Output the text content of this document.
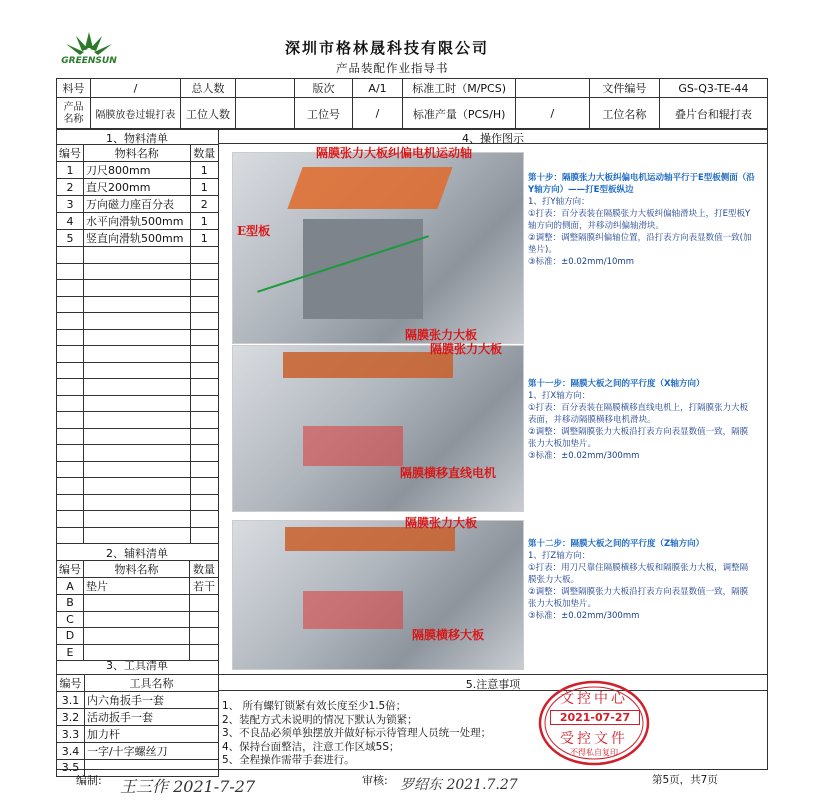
GREENSUN
深圳市格林晟科技有限公司
产品装配作业指导书
料号	/	总人数		版次	A/1	标准工时（M/PCS)		文件编号	GS-Q3-TE-44
产品名称	隔膜放卷过辊打表	工位人数		工位号	/	标准产量（PCS/H)	/	工位名称	叠片台和辊打表
1、物料清单
编号	物料名称	数量
1	刀尺800mm	1
2	直尺200mm	1
3	万向磁力座百分表	2
4	水平向滑轨500mm	1
5	竖直向滑轨500mm	1

2、辅料清单
编号	物料名称	数量
A	垫片	若干
B		
C		
D		
E		
3、工具清单
编号	工具名称
3.1	内六角扳手一套
3.2	活动扳手一套
3.3	加力杆
3.4	一字/十字螺丝刀
3.5	
4、操作图示
隔膜张力大板纠偏电机运动轴
E型板
隔膜张力大板
第十步：隔膜张力大板纠偏电机运动轴平行于E型板侧面（沿Y轴方向）——打E型板纵边
1、打Y轴方向：
①打表：百分表装在隔膜张力大板纠偏轴滑块上，打E型板Y轴方向的侧面，并移动纠偏轴滑块。
②调整：调整隔膜纠偏轴位置，沿打表方向表显数值一致(加垫片)。
③标准：±0.02mm/10mm
隔膜张力大板
隔膜横移直线电机
第十一步：隔膜大板之间的平行度（X轴方向）
1、打X轴方向：
①打表：百分表装在隔膜横移直线电机上，打隔膜张力大板表面，并移动隔膜横移电机滑块。
②调整：调整隔膜张力大板沿打表方向表显数值一致，隔膜张力大板加垫片。
③标准：±0.02mm/300mm
隔膜张力大板
隔膜横移大板
第十二步：隔膜大板之间的平行度（Z轴方向）
1、打Z轴方向：
①打表：用刀尺靠住隔膜横移大板和隔膜张力大板，调整隔膜张力大板。
②调整：调整隔膜张力大板沿打表方向表显数值一致，隔膜张力大板加垫片。
③标准：±0.02mm/300mm
5.注意事项
1、 所有螺钉锁紧有效长度至少1.5倍；
2、装配方式未说明的情况下默认为锁紧；
3、不良品必须单独摆放并做好标示待管理人员统一处理；
4、保持台面整洁，注意工作区域5S；
5、全程操作需带手套进行。
文控中心
2021-07-27
受控文件
不得私自复印
编制: 王三作 2021-7-27	审核: 罗绍东 2021.7.27	第5页，共7页
